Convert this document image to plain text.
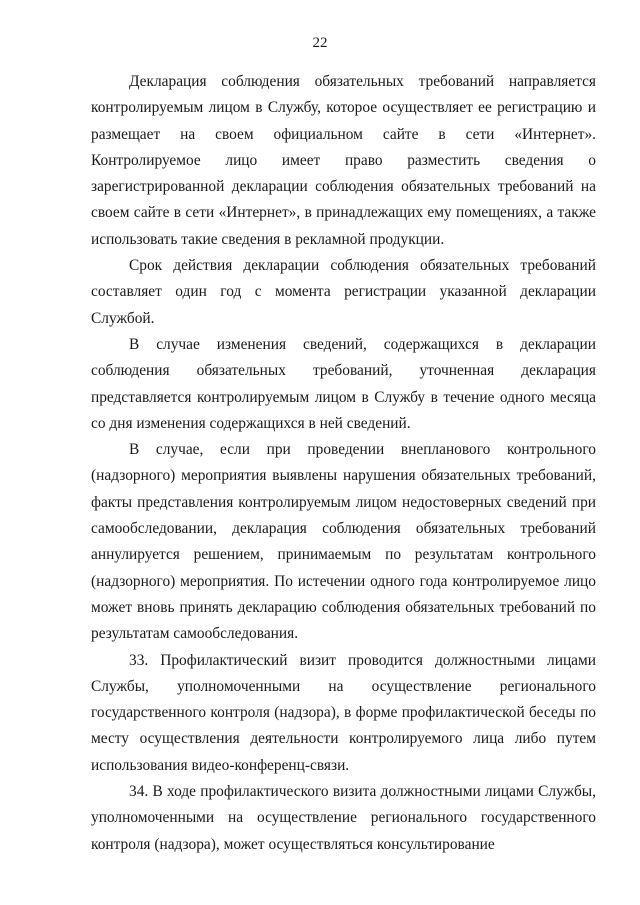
22

Декларация соблюдения обязательных требований направляется контролируемым лицом в Службу, которое осуществляет ее регистрацию и размещает на своем официальном сайте в сети «Интернет». Контролируемое лицо имеет право разместить сведения о зарегистрированной декларации соблюдения обязательных требований на своем сайте в сети «Интернет», в принадлежащих ему помещениях, а также использовать такие сведения в рекламной продукции.

Срок действия декларации соблюдения обязательных требований составляет один год с момента регистрации указанной декларации Службой.

В случае изменения сведений, содержащихся в декларации соблюдения обязательных требований, уточненная декларация представляется контролируемым лицом в Службу в течение одного месяца со дня изменения содержащихся в ней сведений.

В случае, если при проведении внепланового контрольного (надзорного) мероприятия выявлены нарушения обязательных требований, факты представления контролируемым лицом недостоверных сведений при самообследовании, декларация соблюдения обязательных требований аннулируется решением, принимаемым по результатам контрольного (надзорного) мероприятия. По истечении одного года контролируемое лицо может вновь принять декларацию соблюдения обязательных требований по результатам самообследования.

33. Профилактический визит проводится должностными лицами Службы, уполномоченными на осуществление регионального государственного контроля (надзора), в форме профилактической беседы по месту осуществления деятельности контролируемого лица либо путем использования видео-конференц-связи.

34. В ходе профилактического визита должностными лицами Службы, уполномоченными на осуществление регионального государственного контроля (надзора), может осуществляться консультирование
